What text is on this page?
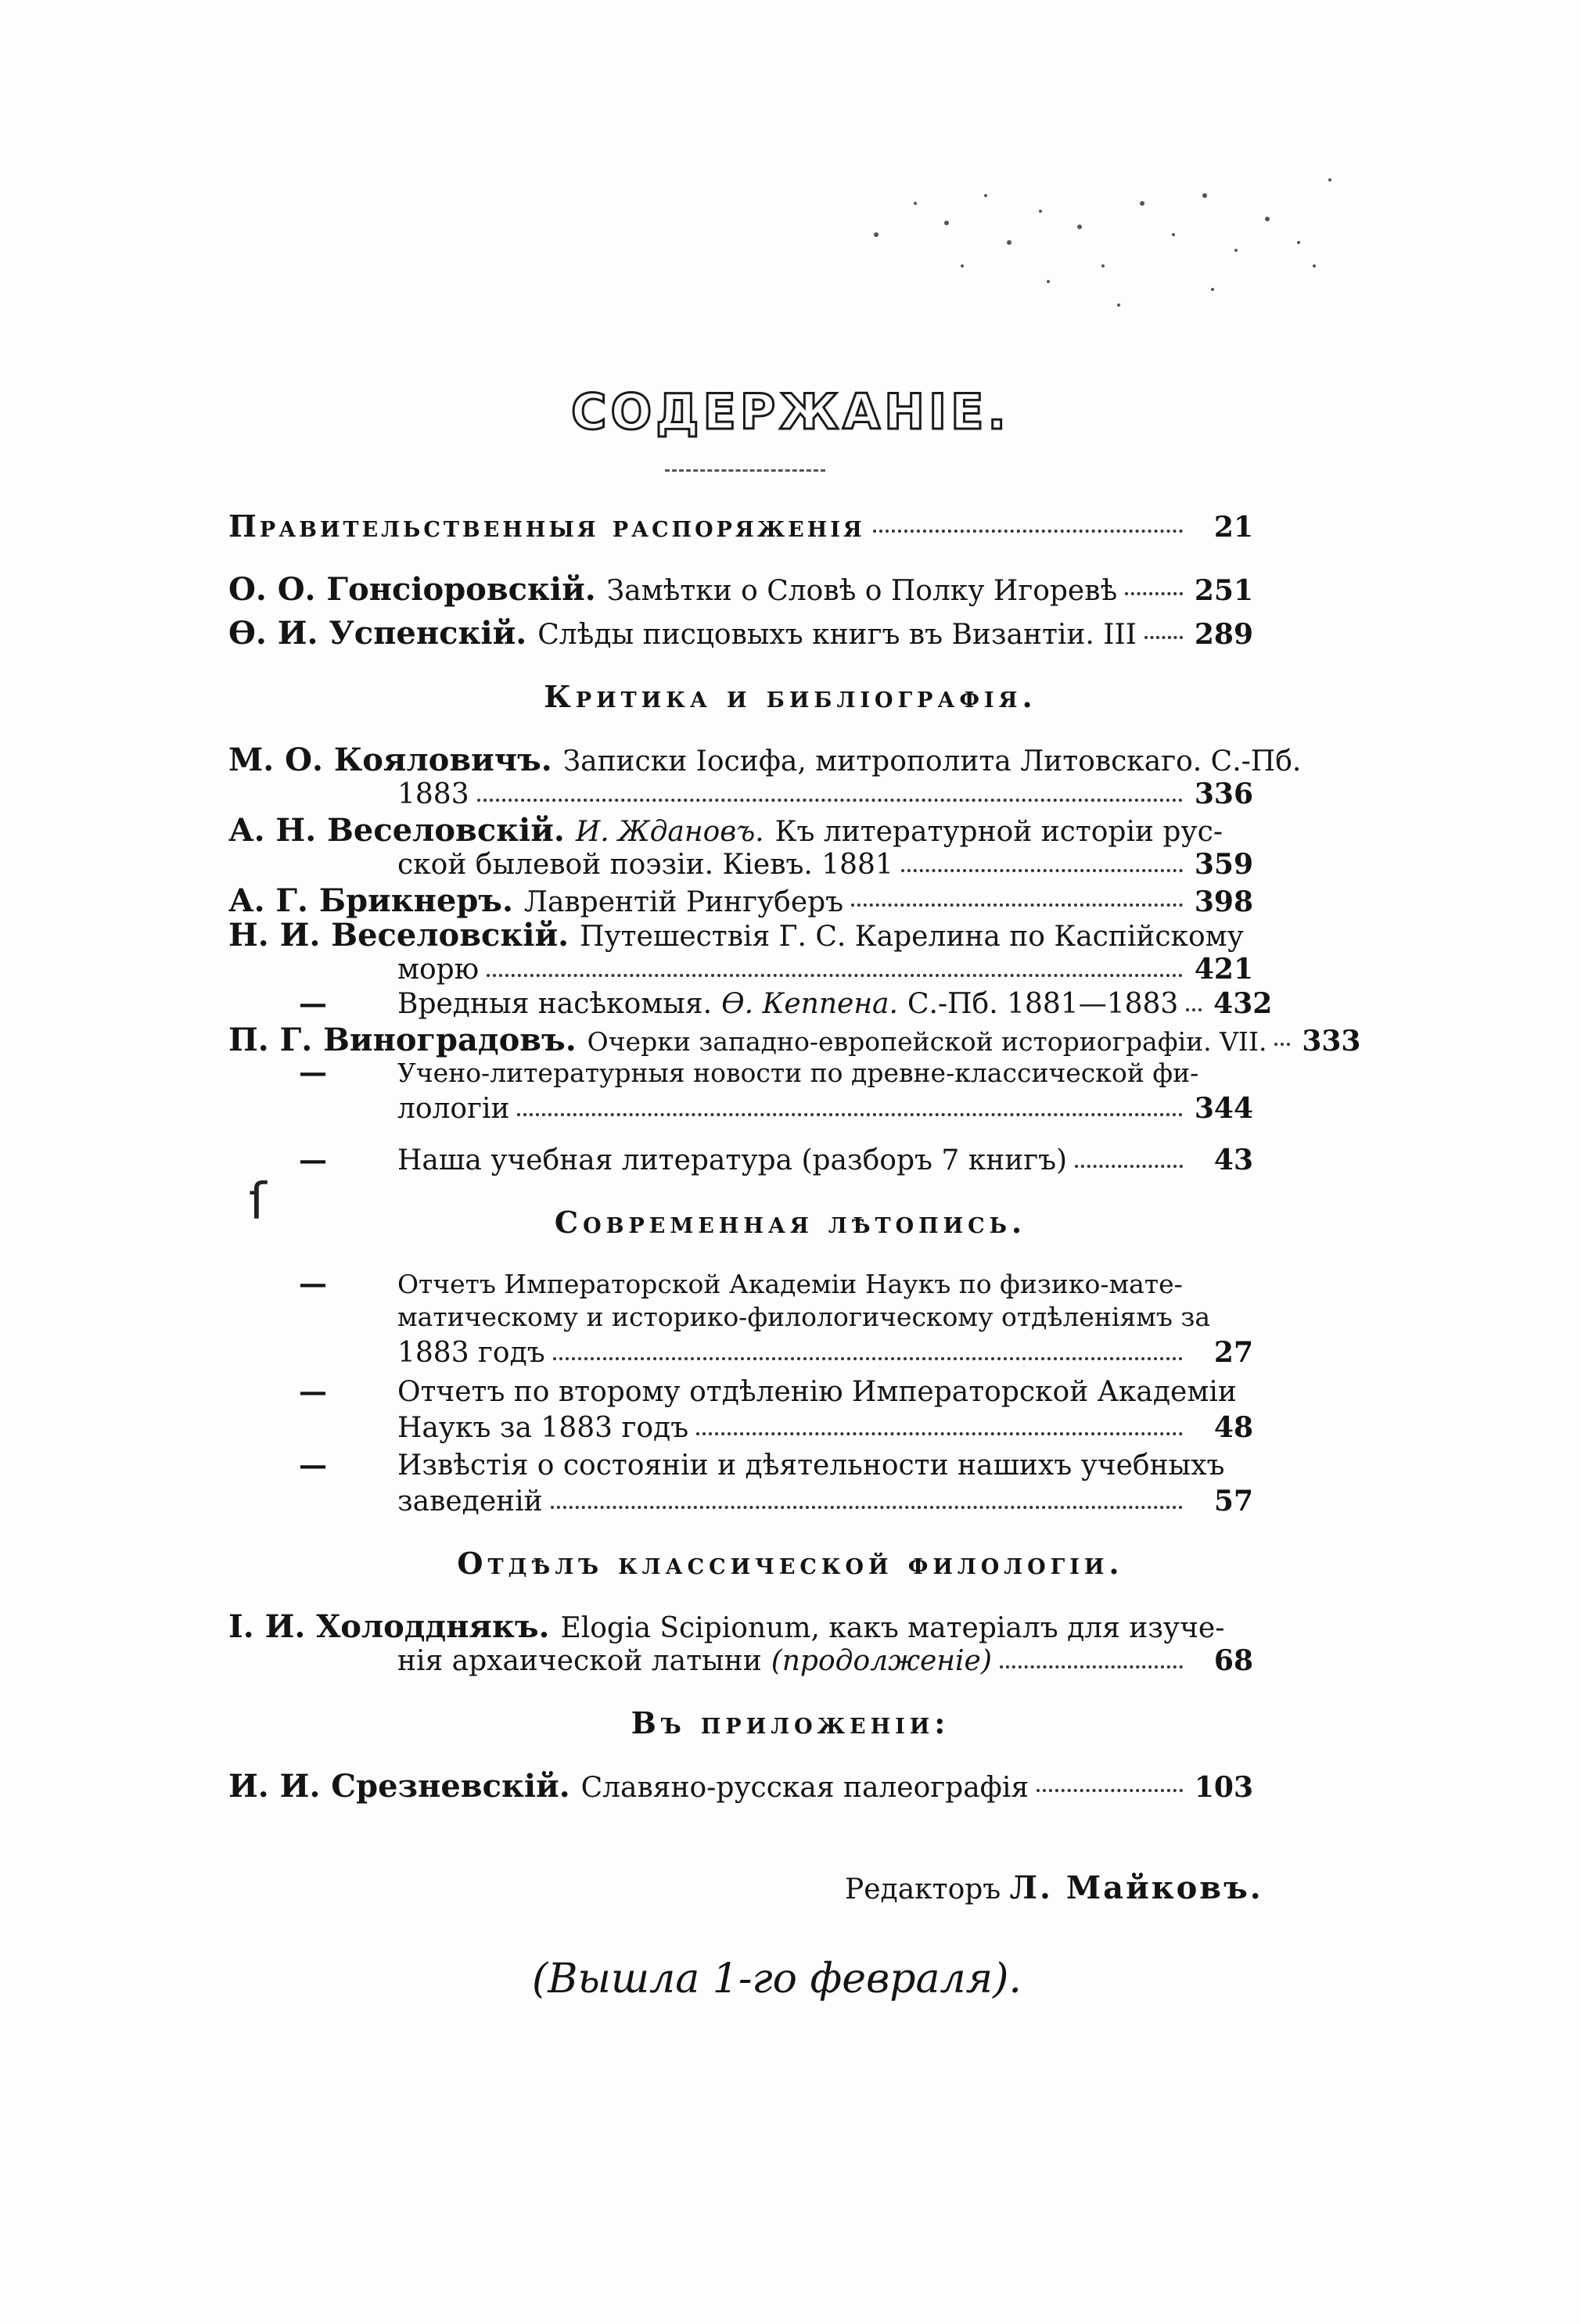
СОДЕРЖАНІЕ.
Правительственныя распоряженія	21
О. О. Гонсіоровскій. Замѣтки о Словѣ о Полку Игоревѣ	251
Ѳ. И. Успенскій. Слѣды писцовыхъ книгъ въ Византіи. III	289
Критика и библіографія.
М. О. Кояловичъ. Записки Іосифа, митрополита Литовскаго. С.-Пб.
1883	336
А. Н. Веселовскій. И. Ждановъ. Къ литературной исторіи рус-
ской былевой поэзіи. Кіевъ. 1881	359
А. Г. Брикнеръ. Лаврентій Рингуберъ	398
Н. И. Веселовскій. Путешествія Г. С. Карелина по Каспійскому
морю	421
—	Вредныя насѣкомыя. Ѳ. Кеппена. С.-Пб. 1881—1883	432
П. Г. Виноградовъ. Очерки западно-европейской историографіи. VII.	333
—	Учено-литературныя новости по древне-классической фи-
лологіи	344
—	Наша учебная литература (разборъ 7 книгъ)	43
ſ	Современная лѣтопись.
—	Отчетъ Императорской Академіи Наукъ по физико-мате-
матическому и историко-филологическому отдѣленіямъ за
1883 годъ	27
—	Отчетъ по второму отдѣленію Императорской Академіи
Наукъ за 1883 годъ	48
—	Извѣстія о состояніи и дѣятельности нашихъ учебныхъ
заведеній	57
Отдѣлъ классической филологіи.
І. И. Холодднякъ. Elogia Scipionum, какъ матеріалъ для изуче-
нія архаической латыни (продолженіе)	68
Въ приложеніи:
И. И. Срезневскій. Славяно-русская палеографія	103
Редакторъ Л. Майковъ.
(Вышла 1-го февраля).
